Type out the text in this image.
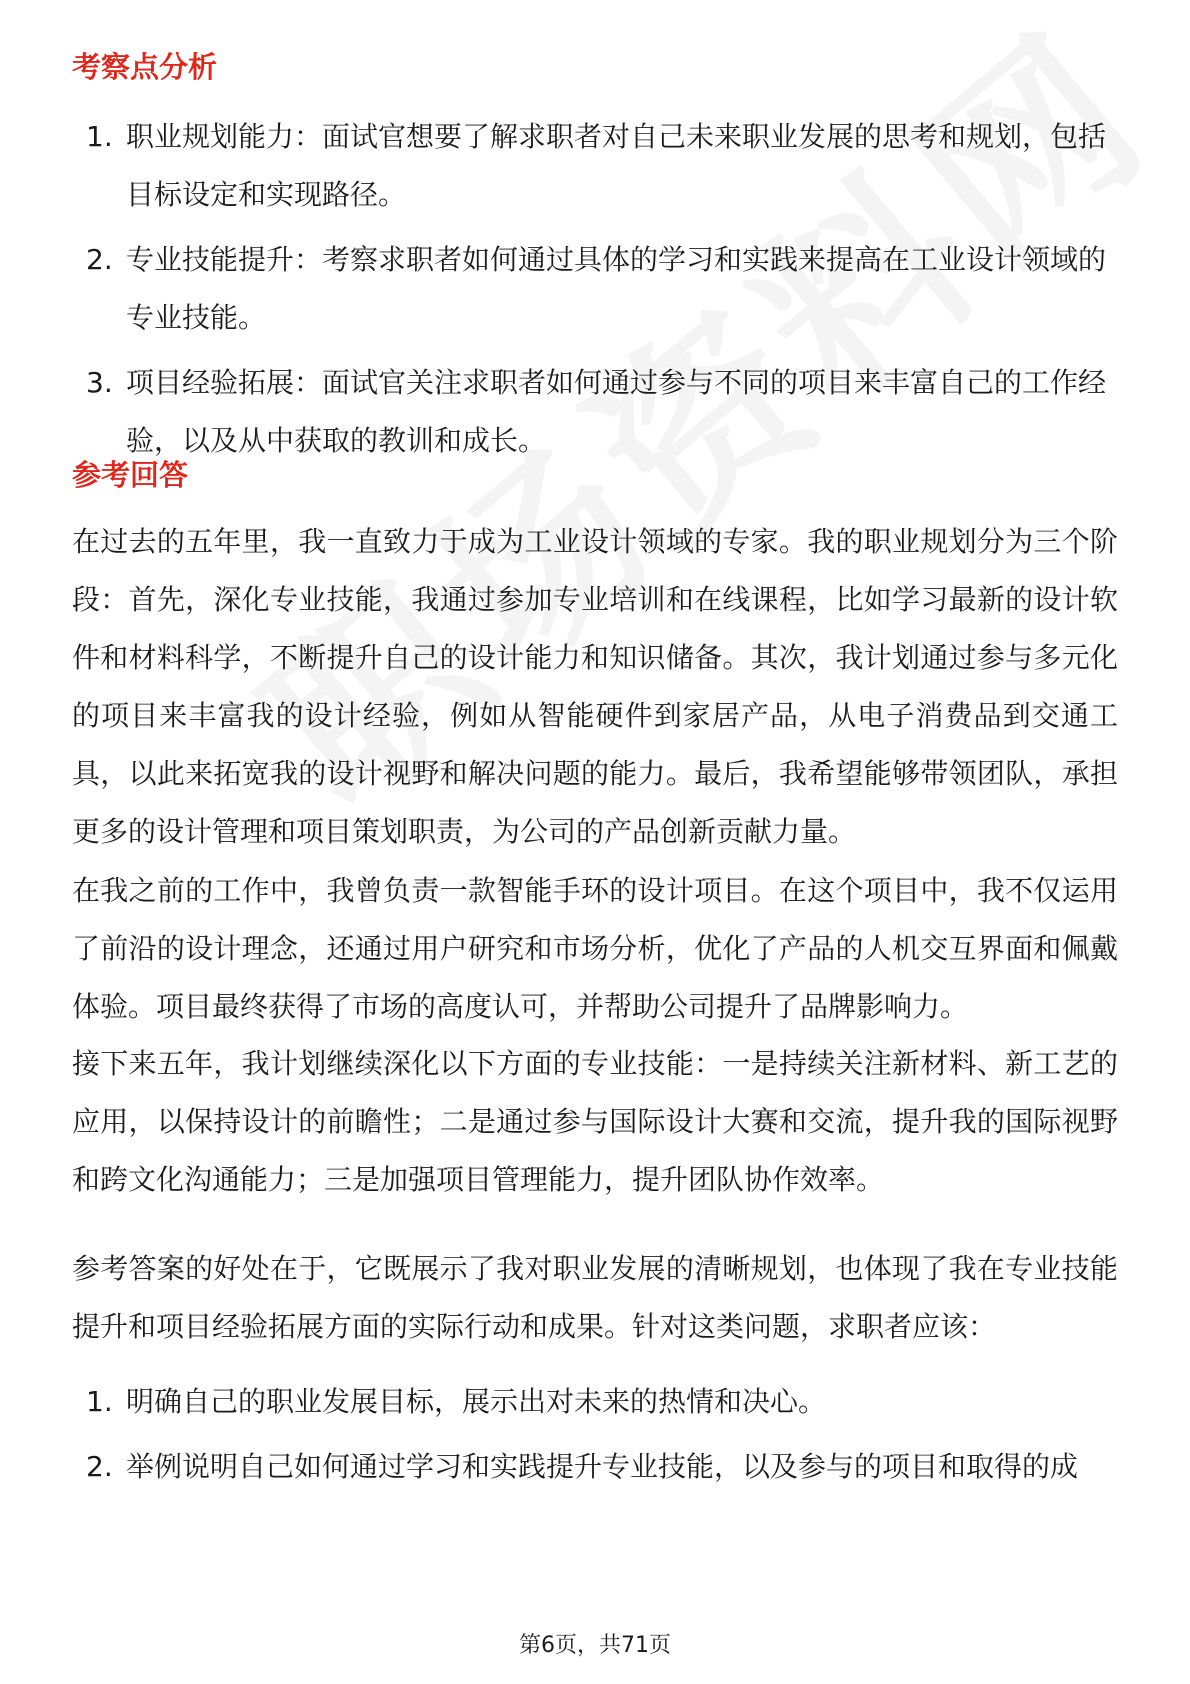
考察点分析
1. 职业规划能力：面试官想要了解求职者对自己未来职业发展的思考和规划，包括目标设定和实现路径。
2. 专业技能提升：考察求职者如何通过具体的学习和实践来提高在工业设计领域的专业技能。
3. 项目经验拓展：面试官关注求职者如何通过参与不同的项目来丰富自己的工作经验，以及从中获取的教训和成长。
参考回答

在过去的五年里，我一直致力于成为工业设计领域的专家。我的职业规划分为三个阶段：首先，深化专业技能，我通过参加专业培训和在线课程，比如学习最新的设计软件和材料科学，不断提升自己的设计能力和知识储备。其次，我计划通过参与多元化的项目来丰富我的设计经验，例如从智能硬件到家居产品，从电子消费品到交通工具，以此来拓宽我的设计视野和解决问题的能力。最后，我希望能够带领团队，承担更多的设计管理和项目策划职责，为公司的产品创新贡献力量。

在我之前的工作中，我曾负责一款智能手环的设计项目。在这个项目中，我不仅运用了前沿的设计理念，还通过用户研究和市场分析，优化了产品的人机交互界面和佩戴体验。项目最终获得了市场的高度认可，并帮助公司提升了品牌影响力。

接下来五年，我计划继续深化以下方面的专业技能：一是持续关注新材料、新工艺的应用，以保持设计的前瞻性；二是通过参与国际设计大赛和交流，提升我的国际视野和跨文化沟通能力；三是加强项目管理能力，提升团队协作效率。

参考答案的好处在于，它既展示了我对职业发展的清晰规划，也体现了我在专业技能提升和项目经验拓展方面的实际行动和成果。针对这类问题，求职者应该：

1. 明确自己的职业发展目标，展示出对未来的热情和决心。
2. 举例说明自己如何通过学习和实践提升专业技能，以及参与的项目和取得的成
第6页，共71页
